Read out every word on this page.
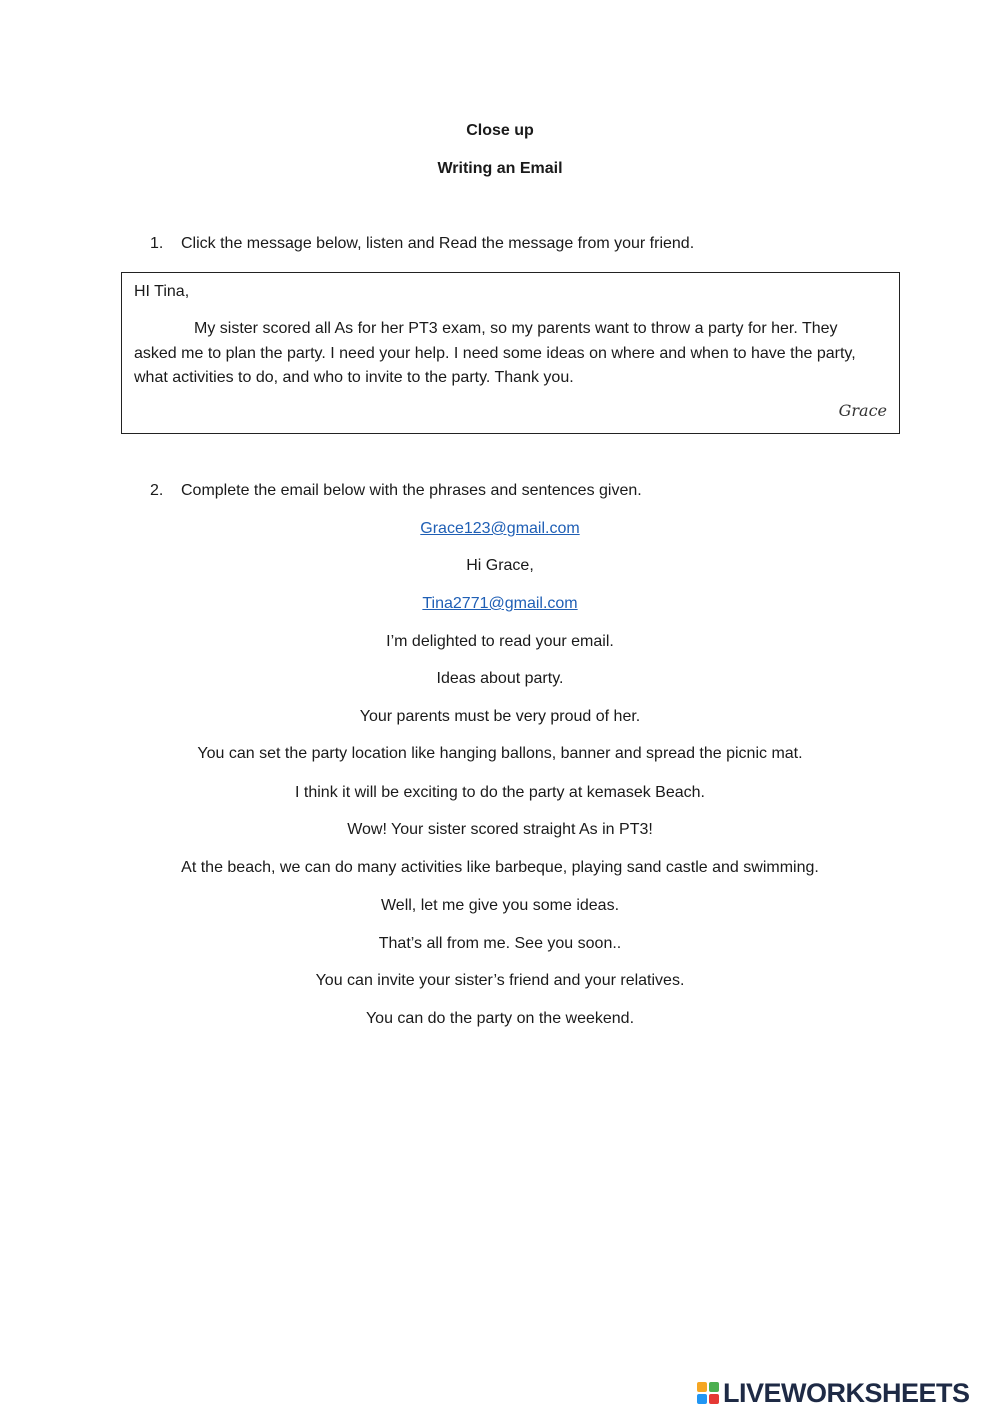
Close up
Writing an Email
1. Click the message below, listen and Read the message from your friend.
HI Tina,
My sister scored all As for her PT3 exam, so my parents want to throw a party for her. They asked me to plan the party. I need your help. I need some ideas on where and when to have the party, what activities to do, and who to invite to the party. Thank you.
Grace
2. Complete the email below with the phrases and sentences given.
Grace123@gmail.com
Hi Grace,
Tina2771@gmail.com
I’m delighted to read your email.
Ideas about party.
Your parents must be very proud of her.
You can set the party location like hanging ballons, banner and spread the picnic mat.
I think it will be exciting to do the party at kemasek Beach.
Wow! Your sister scored straight As in PT3!
At the beach, we can do many activities like barbeque, playing sand castle and swimming.
Well, let me give you some ideas.
That’s all from me. See you soon..
You can invite your sister’s friend and your relatives.
You can do the party on the weekend.
LIVEWORKSHEETS
